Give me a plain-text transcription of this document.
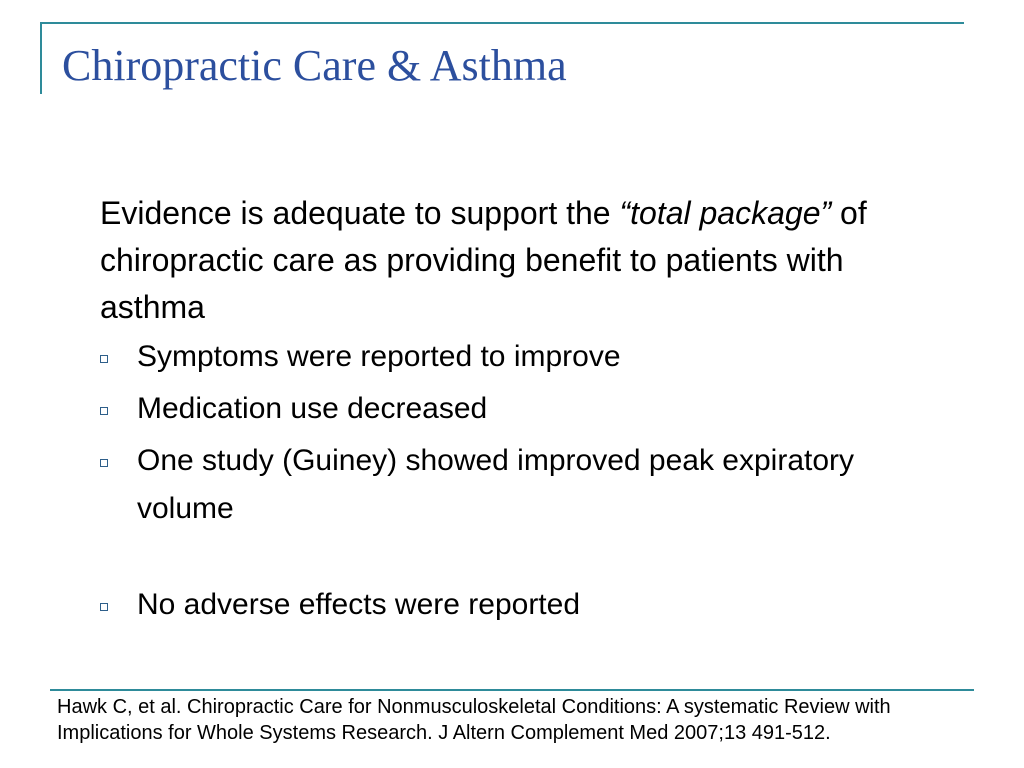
Chiropractic Care & Asthma

Evidence is adequate to support the “total package” of chiropractic care as providing benefit to patients with asthma

Symptoms were reported to improve
Medication use decreased
One study (Guiney) showed improved peak expiratory volume
No adverse effects were reported

Hawk C, et al. Chiropractic Care for Nonmusculoskeletal Conditions: A systematic Review with Implications for Whole Systems Research. J Altern Complement Med 2007;13 491-512.
